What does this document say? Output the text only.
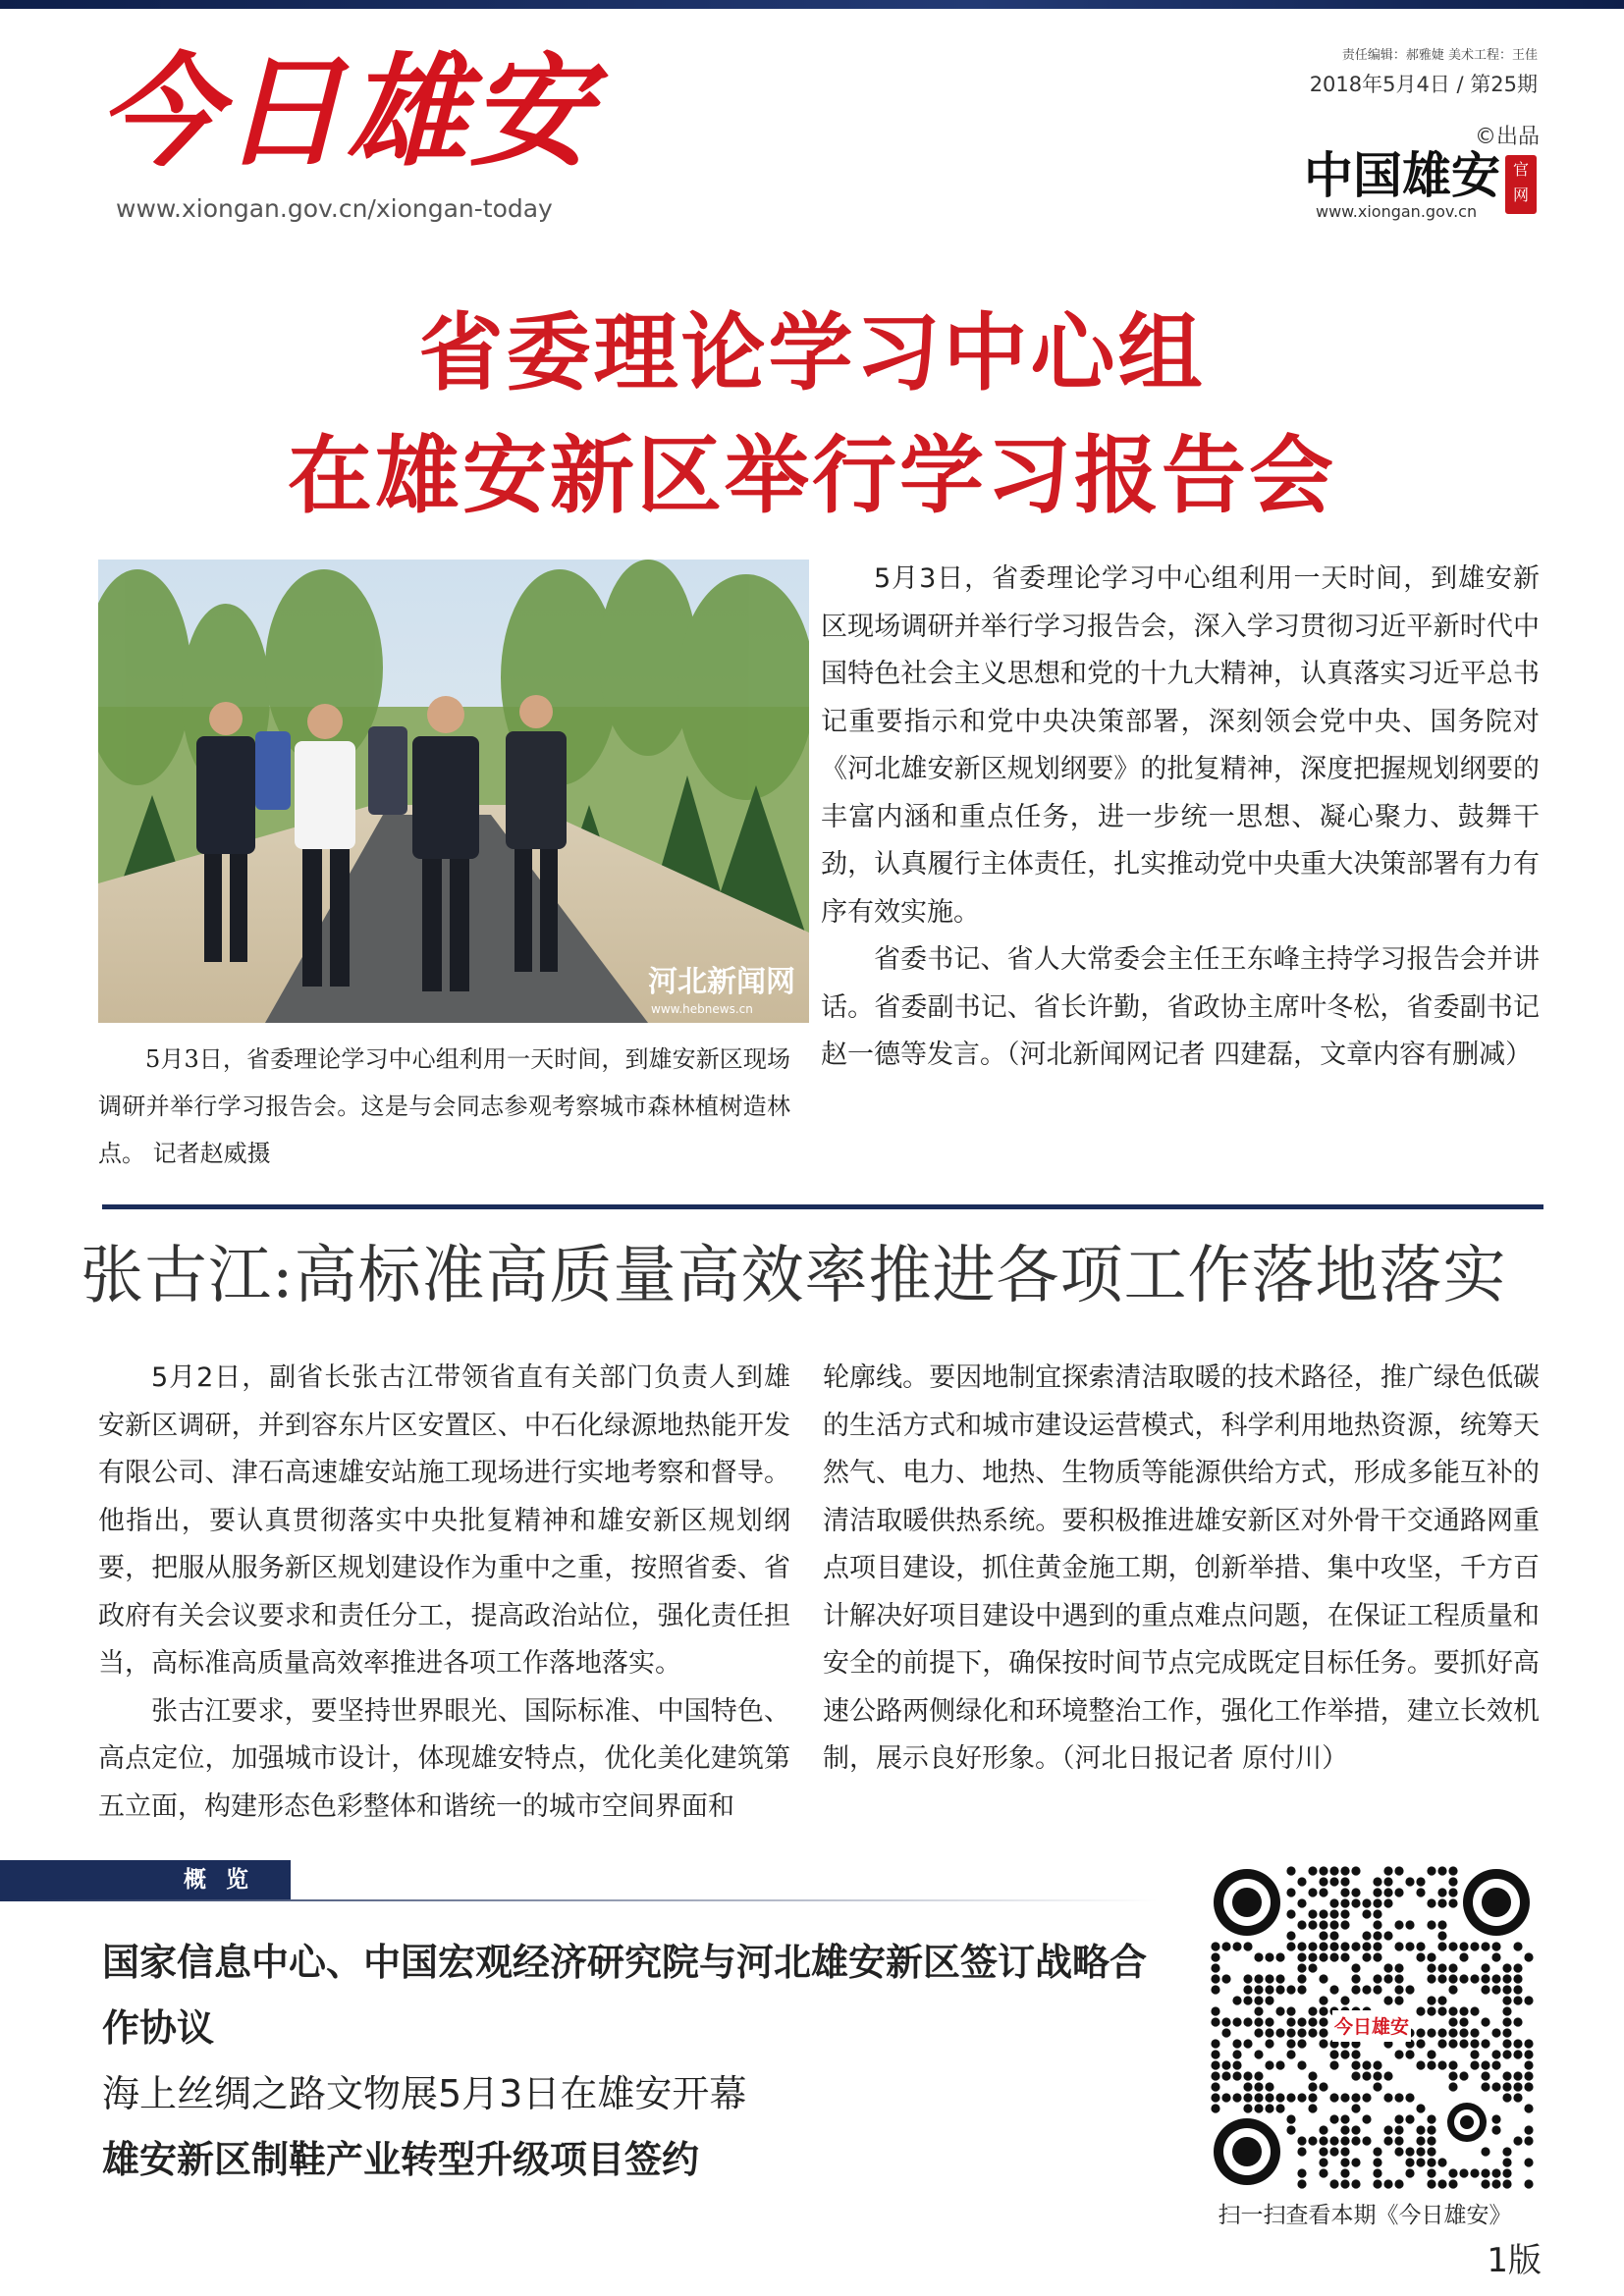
今日雄安
www.xiongan.gov.cn/xiongan-today
责任编辑：郝雅婕 美术工程：王佳
2018年5月4日 / 第25期
©出品
中国雄安 官网
www.xiongan.gov.cn
省委理论学习中心组
在雄安新区举行学习报告会
河北新闻网
www.hebnews.cn
5月3日，省委理论学习中心组利用一天时间，到雄安新区现场调研并举行学习报告会。这是与会同志参观考察城市森林植树造林点。 记者赵威摄

5月3日，省委理论学习中心组利用一天时间，到雄安新区现场调研并举行学习报告会，深入学习贯彻习近平新时代中国特色社会主义思想和党的十九大精神，认真落实习近平总书记重要指示和党中央决策部署，深刻领会党中央、国务院对《河北雄安新区规划纲要》的批复精神，深度把握规划纲要的丰富内涵和重点任务，进一步统一思想、凝心聚力、鼓舞干劲，认真履行主体责任，扎实推动党中央重大决策部署有力有序有效实施。

省委书记、省人大常委会主任王东峰主持学习报告会并讲话。省委副书记、省长许勤，省政协主席叶冬松，省委副书记赵一德等发言。（河北新闻网记者 四建磊，文章内容有删减）

张古江:高标准高质量高效率推进各项工作落地落实

5月2日，副省长张古江带领省直有关部门负责人到雄安新区调研，并到容东片区安置区、中石化绿源地热能开发有限公司、津石高速雄安站施工现场进行实地考察和督导。他指出，要认真贯彻落实中央批复精神和雄安新区规划纲要，把服从服务新区规划建设作为重中之重，按照省委、省政府有关会议要求和责任分工，提高政治站位，强化责任担当，高标准高质量高效率推进各项工作落地落实。

张古江要求，要坚持世界眼光、国际标准、中国特色、高点定位，加强城市设计，体现雄安特点，优化美化建筑第五立面，构建形态色彩整体和谐统一的城市空间界面和

轮廓线。要因地制宜探索清洁取暖的技术路径，推广绿色低碳的生活方式和城市建设运营模式，科学利用地热资源，统筹天然气、电力、地热、生物质等能源供给方式，形成多能互补的清洁取暖供热系统。要积极推进雄安新区对外骨干交通路网重点项目建设，抓住黄金施工期，创新举措、集中攻坚，千方百计解决好项目建设中遇到的重点难点问题，在保证工程质量和安全的前提下，确保按时间节点完成既定目标任务。要抓好高速公路两侧绿化和环境整治工作，强化工作举措，建立长效机制，展示良好形象。（河北日报记者 原付川）

概 览
国家信息中心、中国宏观经济研究院与河北雄安新区签订战略合作协议
海上丝绸之路文物展5月3日在雄安开幕
雄安新区制鞋产业转型升级项目签约
今日雄安
扫一扫查看本期《今日雄安》
1版
